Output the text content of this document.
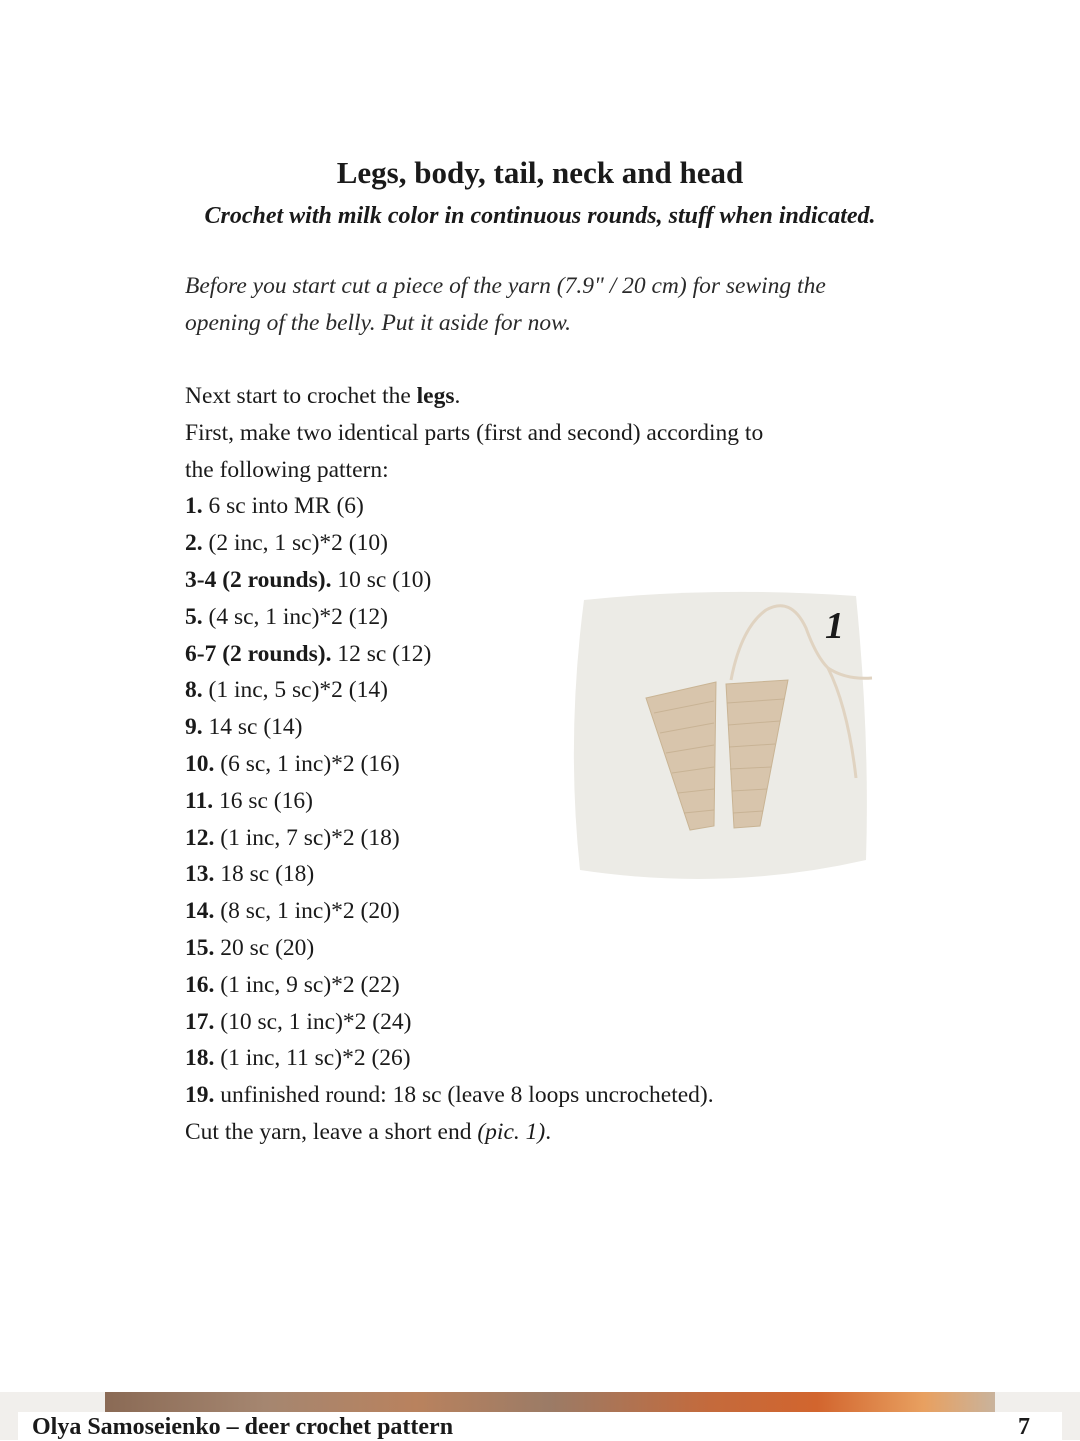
Legs, body, tail, neck and head

Crochet with milk color in continuous rounds, stuff when indicated.

Before you start cut a piece of the yarn (7.9" / 20 cm) for sewing the
opening of the belly. Put it aside for now.

Next start to crochet the legs.

First, make two identical parts (first and second) according to

the following pattern:

1. 6 sc into MR (6)

2. (2 inc, 1 sc)*2 (10)

3-4 (2 rounds). 10 sc (10)

5. (4 sc, 1 inc)*2 (12)

6-7 (2 rounds). 12 sc (12)

8. (1 inc, 5 sc)*2 (14)

9. 14 sc (14)

10. (6 sc, 1 inc)*2 (16)

11. 16 sc (16)

12. (1 inc, 7 sc)*2 (18)

13. 18 sc (18)

14. (8 sc, 1 inc)*2 (20)

15. 20 sc (20)

16. (1 inc, 9 sc)*2 (22)

17. (10 sc, 1 inc)*2 (24)

18. (1 inc, 11 sc)*2 (26)

19. unfinished round: 18 sc (leave 8 loops uncrocheted).

Cut the yarn, leave a short end (pic. 1).

1
Olya Samoseienko – deer crochet pattern	7
